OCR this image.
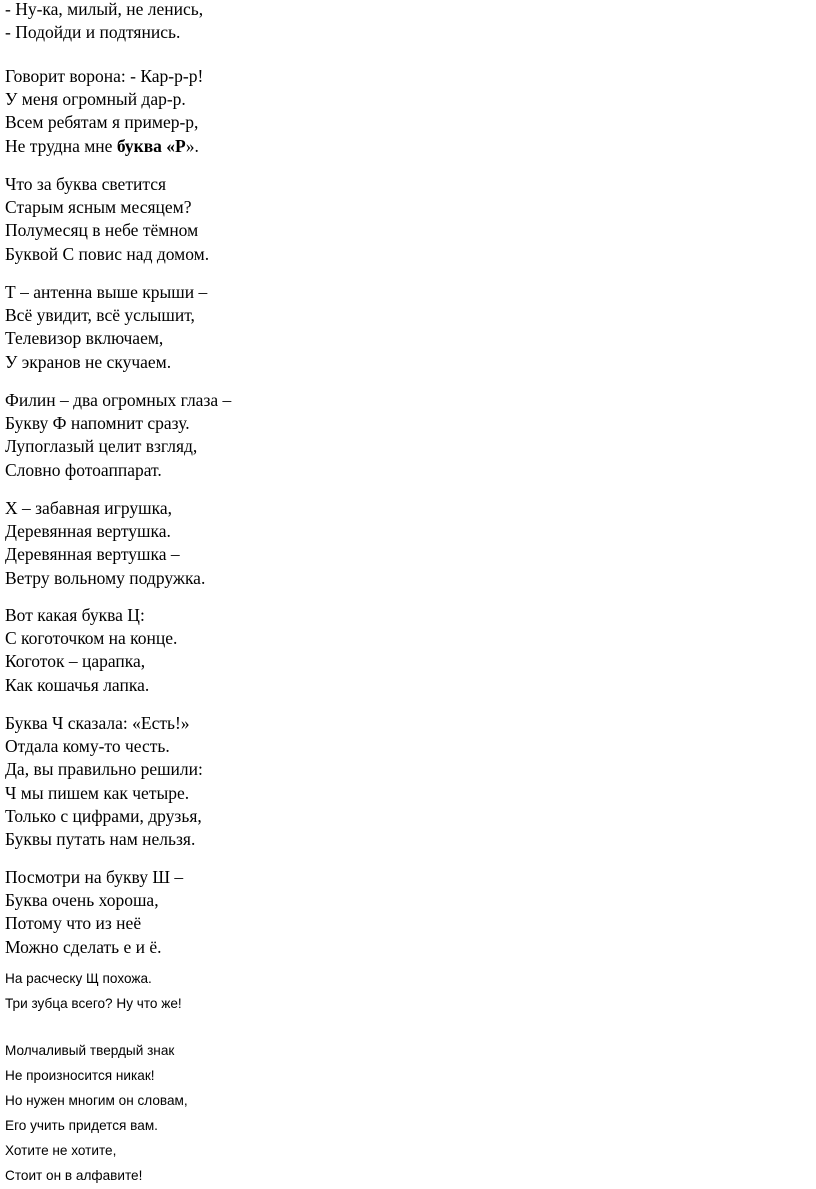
- Ну-ка, милый, не ленись,
- Подойди и подтянись.
Говорит ворона: - Кар-р-р!
У меня огромный дар-р.
Всем ребятам я пример-р,
Не трудна мне буква «Р».
Что за буква светится
Старым ясным месяцем?
Полумесяц в небе тёмном
Буквой С повис над домом.
Т – антенна выше крыши –
Всё увидит, всё услышит,
Телевизор включаем,
У экранов не скучаем.
Филин – два огромных глаза –
Букву Ф напомнит сразу.
Лупоглазый целит взгляд,
Словно фотоаппарат.
Х – забавная игрушка,
Деревянная вертушка.
Деревянная вертушка –
Ветру вольному подружка.
Вот какая буква Ц:
С коготочком на конце.
Коготок – царапка,
Как кошачья лапка.
Буква Ч сказала: «Есть!»
Отдала кому-то честь.
Да, вы правильно решили:
Ч мы пишем как четыре.
Только с цифрами, друзья,
Буквы путать нам нельзя.
Посмотри на букву Ш –
Буква очень хороша,
Потому что из неё
Можно сделать е и ё.
На расческу Щ похожа.
Три зубца всего? Ну что же!
Молчаливый твердый знак
Не произносится никак!
Но нужен многим он словам,
Его учить придется вам.
Хотите не хотите,
Стоит он в алфавите!
